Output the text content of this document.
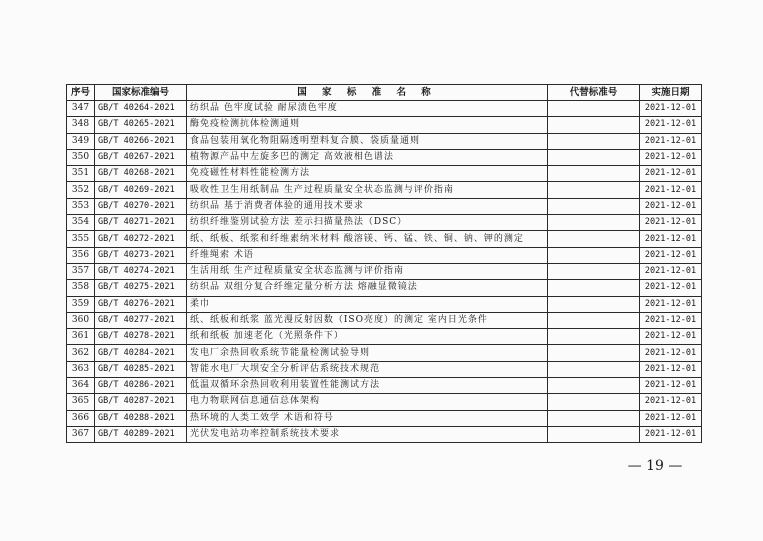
序号	国家标准编号	国 家 标 准 名 称	代替标准号	实施日期
347	GB/T 40264-2021	纺织品 色牢度试验 耐尿渍色牢度		2021-12-01
348	GB/T 40265-2021	酶免疫检测抗体检测通则		2021-12-01
349	GB/T 40266-2021	食品包装用氧化物阻隔透明塑料复合膜、袋质量通则		2021-12-01
350	GB/T 40267-2021	植物源产品中左旋多巴的测定 高效液相色谱法		2021-12-01
351	GB/T 40268-2021	免疫磁性材料性能检测方法		2021-12-01
352	GB/T 40269-2021	吸收性卫生用纸制品 生产过程质量安全状态监测与评价指南		2021-12-01
353	GB/T 40270-2021	纺织品 基于消费者体验的通用技术要求		2021-12-01
354	GB/T 40271-2021	纺织纤维鉴别试验方法 差示扫描量热法（DSC）		2021-12-01
355	GB/T 40272-2021	纸、纸板、纸浆和纤维素纳米材料 酸溶镁、钙、锰、铁、铜、钠、钾的测定		2021-12-01
356	GB/T 40273-2021	纤维绳索 术语		2021-12-01
357	GB/T 40274-2021	生活用纸 生产过程质量安全状态监测与评价指南		2021-12-01
358	GB/T 40275-2021	纺织品 双组分复合纤维定量分析方法 熔融显微镜法		2021-12-01
359	GB/T 40276-2021	柔巾		2021-12-01
360	GB/T 40277-2021	纸、纸板和纸浆 蓝光漫反射因数（ISO亮度）的测定 室内日光条件		2021-12-01
361	GB/T 40278-2021	纸和纸板 加速老化（光照条件下）		2021-12-01
362	GB/T 40284-2021	发电厂余热回收系统节能量检测试验导则		2021-12-01
363	GB/T 40285-2021	智能水电厂大坝安全分析评估系统技术规范		2021-12-01
364	GB/T 40286-2021	低温双循环余热回收利用装置性能测试方法		2021-12-01
365	GB/T 40287-2021	电力物联网信息通信总体架构		2021-12-01
366	GB/T 40288-2021	热环境的人类工效学 术语和符号		2021-12-01
367	GB/T 40289-2021	光伏发电站功率控制系统技术要求		2021-12-01
— 19 —
